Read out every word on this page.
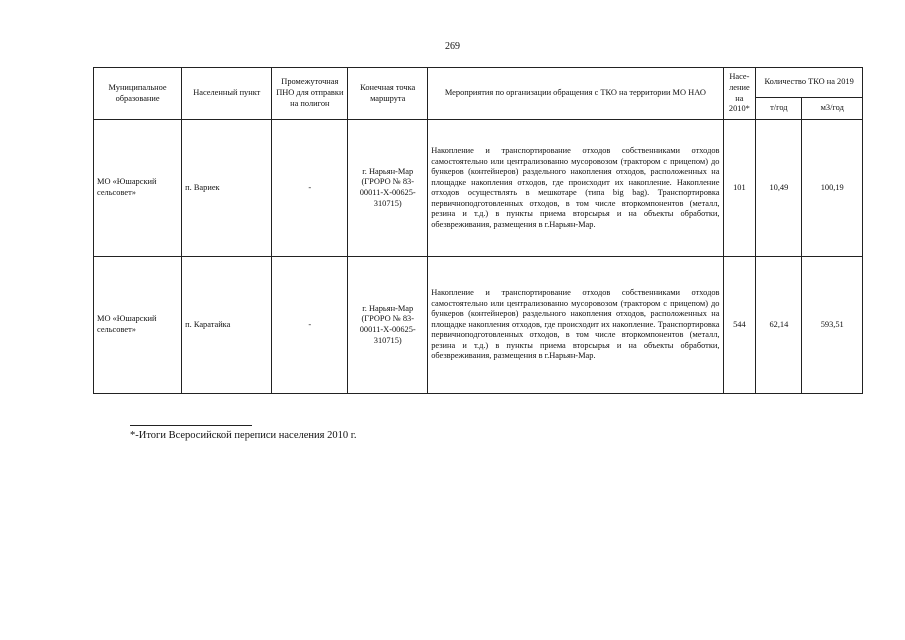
269
Муниципальное образование	Населенный пункт	Промежуточная ПНО для отправки на полигон	Конечная точка маршрута	Мероприятия по организации обращения с ТКО на территории МО НАО	Насе-ление на 2010*	Количество ТКО на 2019	
						т/год	м3/год
МО «Юшарский сельсовет»	п. Вариек	-	г. Нарьян-Мар (ГРОРО № 83-00011-Х-00625-310715)	Накопление и транспортирование отходов собственниками отходов самостоятельно или централизованно мусоровозом (трактором с прицепом) до бункеров (контейнеров) раздельного накопления отходов, расположенных на площадке накопления отходов, где происходит их накопление. Накопление отходов осуществлять в мешкотаре (типа big bag). Транспортировка первичноподготовленных отходов, в том числе вторкомпонентов (металл, резина и т.д.) в пункты приема вторсырья и на объекты обработки, обезвреживания, размещения в г.Нарьян-Мар.	101	10,49	100,19
МО «Юшарский сельсовет»	п. Каратайка	-	г. Нарьян-Мар (ГРОРО № 83-00011-Х-00625-310715)	Накопление и транспортирование отходов собственниками отходов самостоятельно или централизованно мусоровозом (трактором с прицепом) до бункеров (контейнеров) раздельного накопления отходов, расположенных на площадке накопления отходов, где происходит их накопление. Транспортировка первичноподготовленных отходов, в том числе вторкомпонентов (металл, резина и т.д.) в пункты приема вторсырья и на объекты обработки, обезвреживания, размещения в г.Нарьян-Мар.	544	62,14	593,51
*-Итоги Всеросийской переписи населения 2010 г.
